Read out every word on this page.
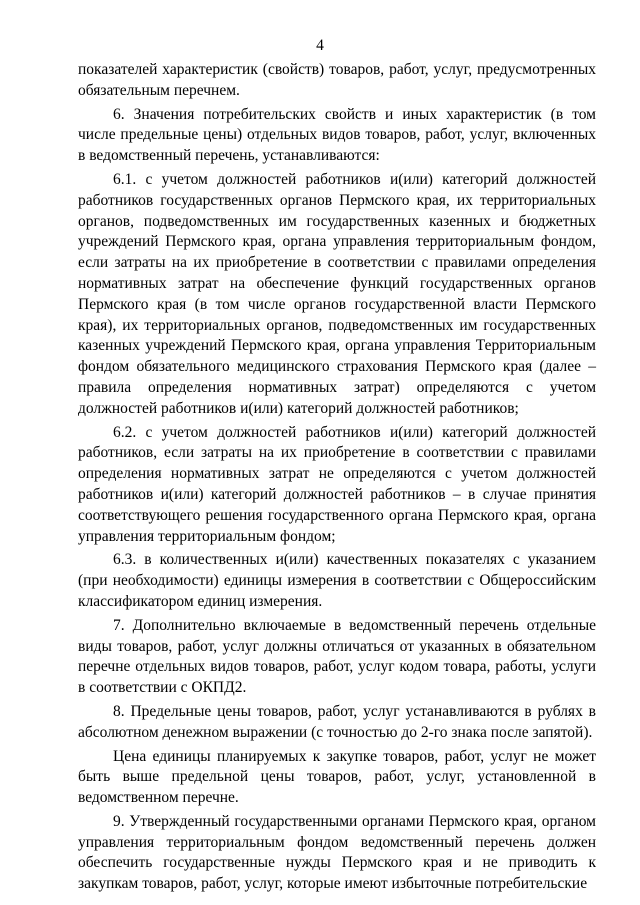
4

показателей характеристик (свойств) товаров, работ, услуг, предусмотренных обязательным перечнем.

6. Значения потребительских свойств и иных характеристик (в том числе предельные цены) отдельных видов товаров, работ, услуг, включенных в ведомственный перечень, устанавливаются:

6.1. с учетом должностей работников и(или) категорий должностей работников государственных органов Пермского края, их территориальных органов, подведомственных им государственных казенных и бюджетных учреждений Пермского края, органа управления территориальным фондом, если затраты на их приобретение в соответствии с правилами определения нормативных затрат на обеспечение функций государственных органов Пермского края (в том числе органов государственной власти Пермского края), их территориальных органов, подведомственных им государственных казенных учреждений Пермского края, органа управления Территориальным фондом обязательного медицинского страхования Пермского края (далее – правила определения нормативных затрат) определяются с учетом должностей работников и(или) категорий должностей работников;

6.2. с учетом должностей работников и(или) категорий должностей работников, если затраты на их приобретение в соответствии с правилами определения нормативных затрат не определяются с учетом должностей работников и(или) категорий должностей работников – в случае принятия соответствующего решения государственного органа Пермского края, органа управления территориальным фондом;

6.3. в количественных и(или) качественных показателях с указанием (при необходимости) единицы измерения в соответствии с Общероссийским классификатором единиц измерения.

7. Дополнительно включаемые в ведомственный перечень отдельные виды товаров, работ, услуг должны отличаться от указанных в обязательном перечне отдельных видов товаров, работ, услуг кодом товара, работы, услуги в соответствии с ОКПД2.

8. Предельные цены товаров, работ, услуг устанавливаются в рублях в абсолютном денежном выражении (с точностью до 2-го знака после запятой).

Цена единицы планируемых к закупке товаров, работ, услуг не может быть выше предельной цены товаров, работ, услуг, установленной в ведомственном перечне.

9. Утвержденный государственными органами Пермского края, органом управления территориальным фондом ведомственный перечень должен обеспечить государственные нужды Пермского края и не приводить к закупкам товаров, работ, услуг, которые имеют избыточные потребительские
